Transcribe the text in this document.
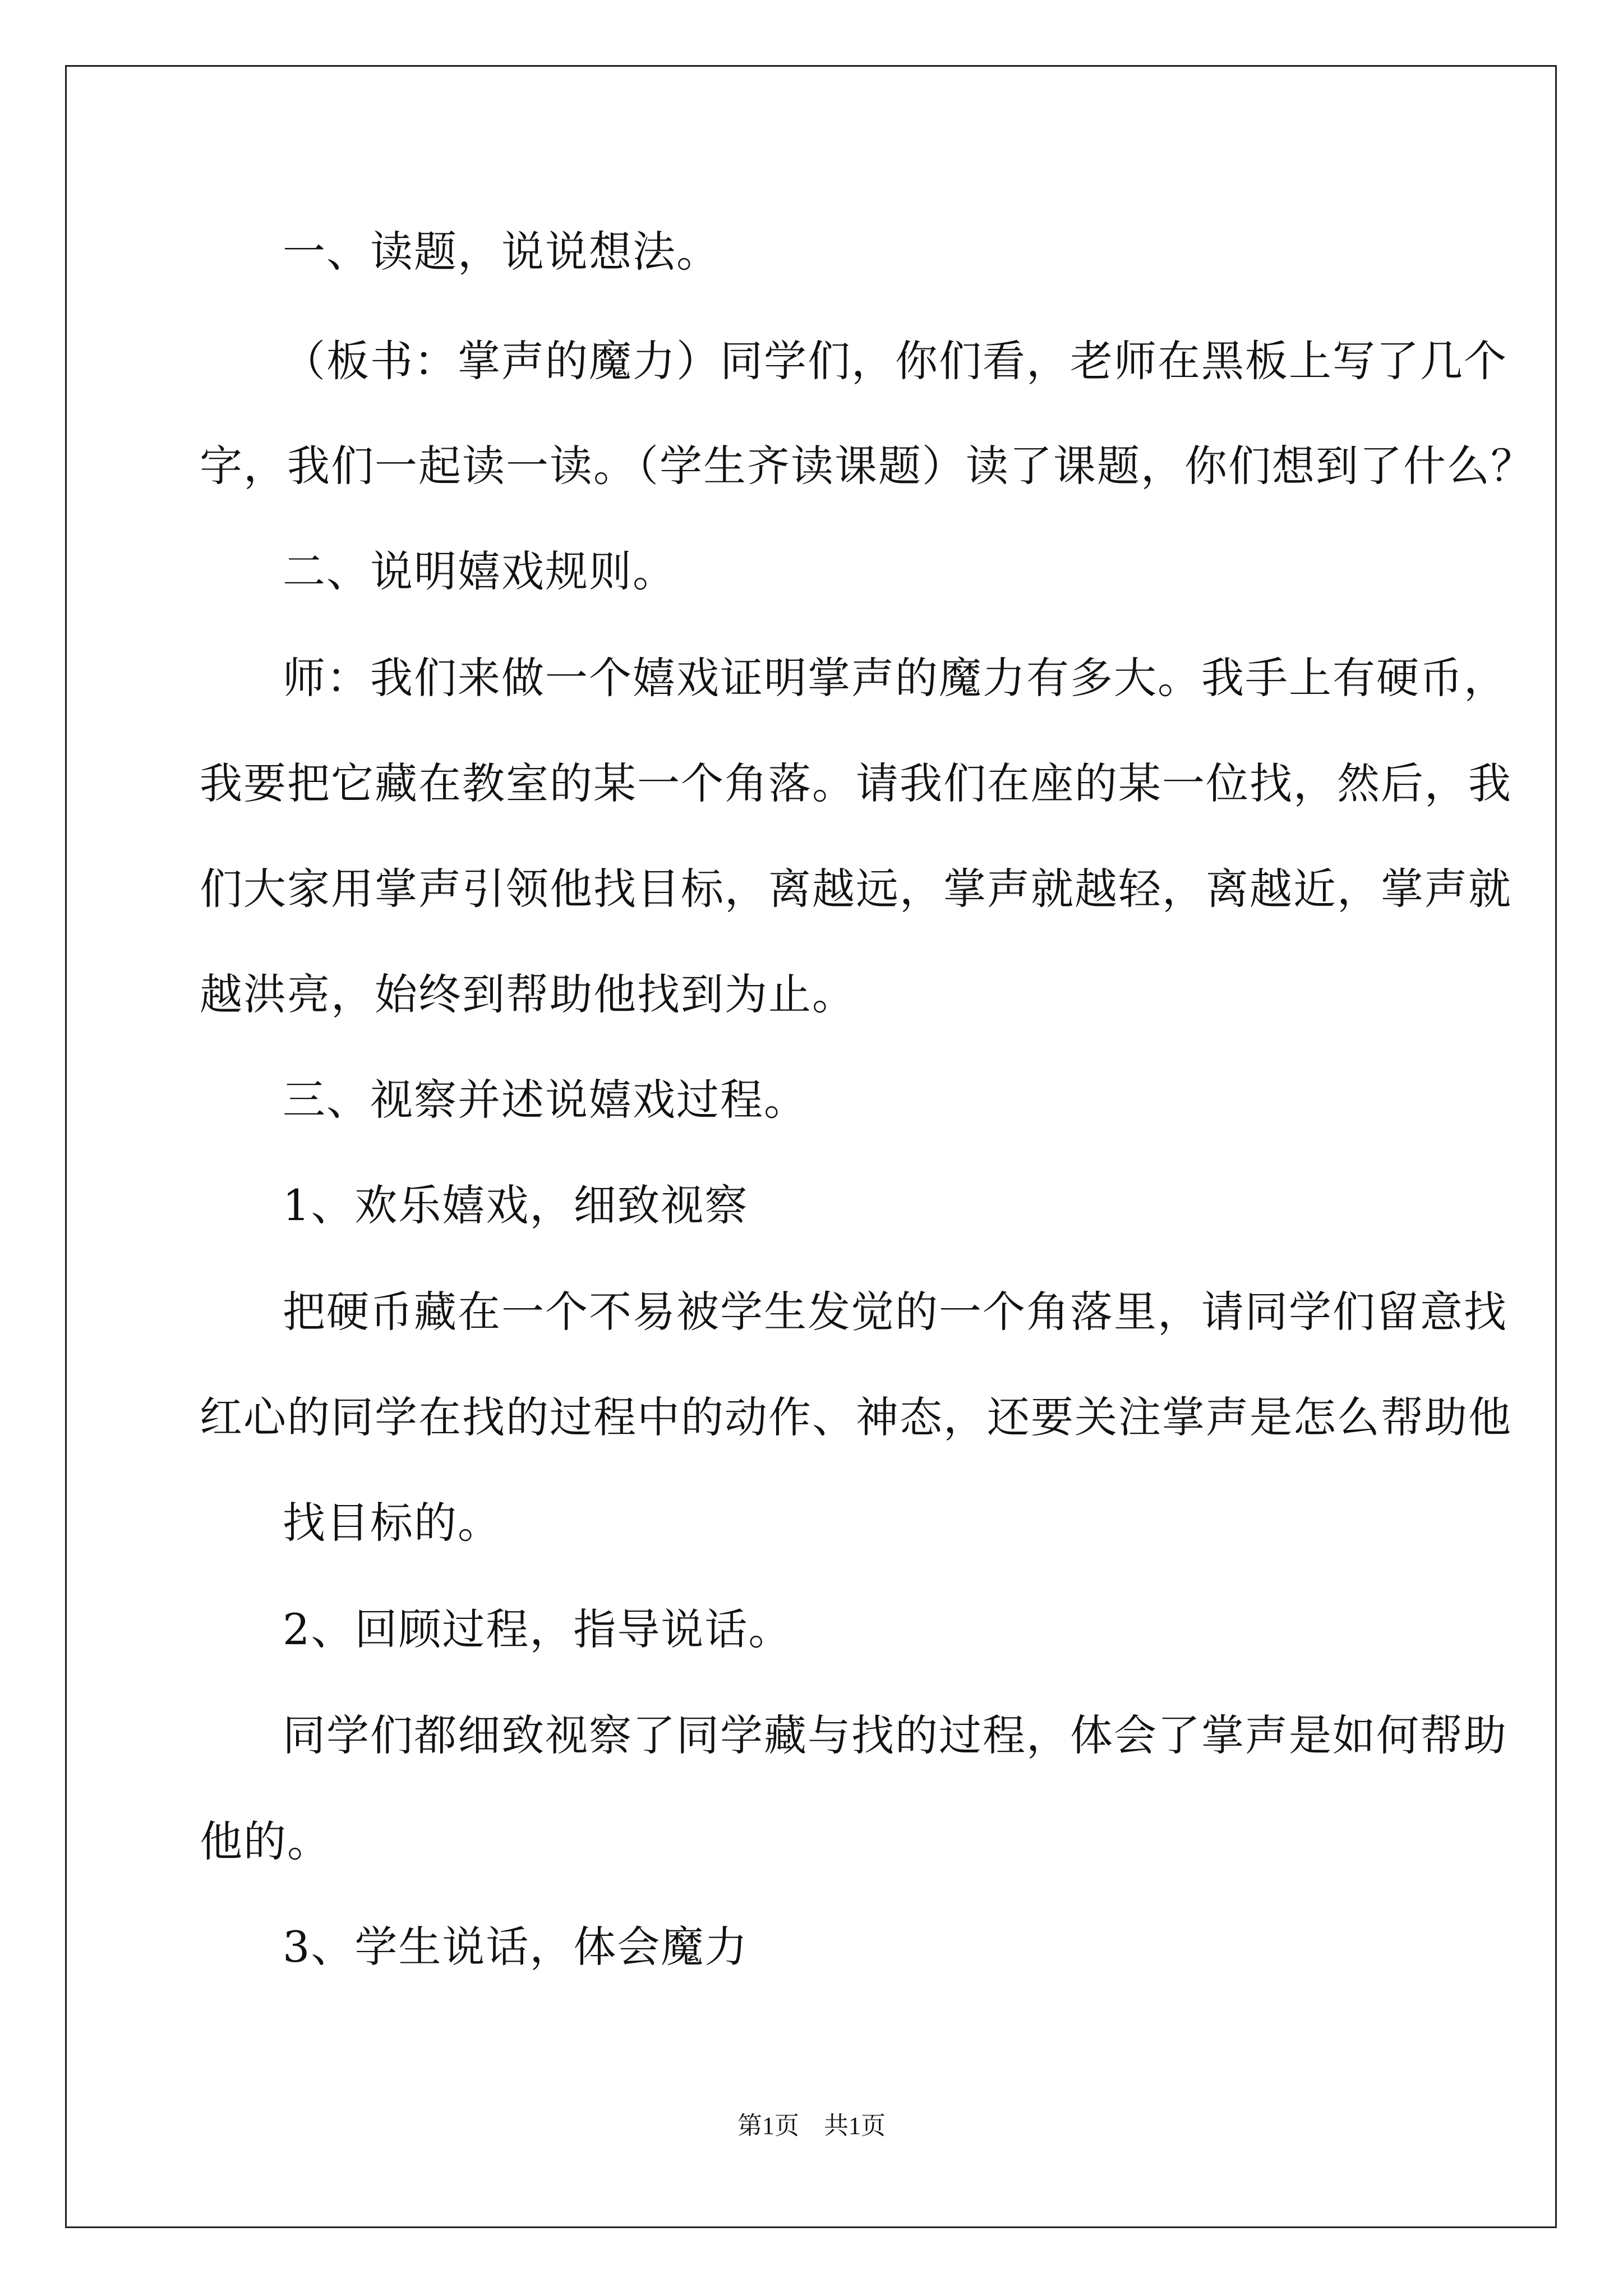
一、读题，说说想法。
（板书：掌声的魔力）同学们，你们看，老师在黑板上写了几个
字，我们一起读一读。（学生齐读课题）读了课题，你们想到了什么？
二、说明嬉戏规则。
师：我们来做一个嬉戏证明掌声的魔力有多大。我手上有硬币，
我要把它藏在教室的某一个角落。请我们在座的某一位找，然后，我
们大家用掌声引领他找目标，离越远，掌声就越轻，离越近，掌声就
越洪亮，始终到帮助他找到为止。
三、视察并述说嬉戏过程。
1、欢乐嬉戏，细致视察
把硬币藏在一个不易被学生发觉的一个角落里，请同学们留意找
红心的同学在找的过程中的动作、神态，还要关注掌声是怎么帮助他
找目标的。
2、回顾过程，指导说话。
同学们都细致视察了同学藏与找的过程，体会了掌声是如何帮助
他的。
3、学生说话，体会魔力
第1页　共1页
